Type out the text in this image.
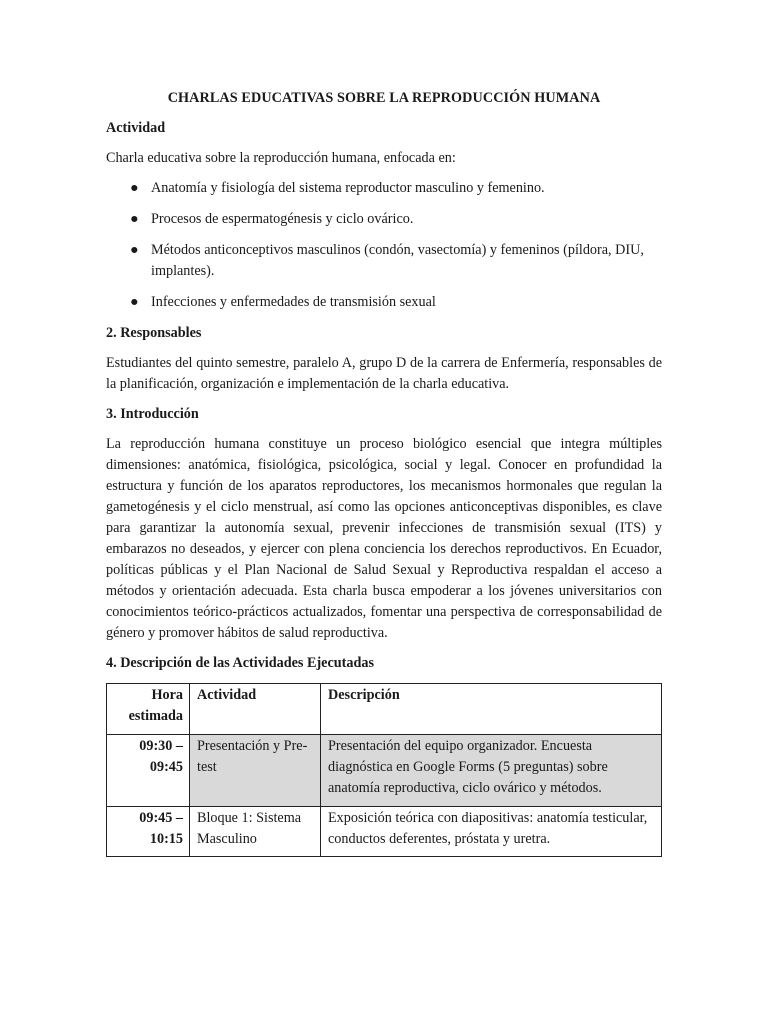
CHARLAS EDUCATIVAS SOBRE LA REPRODUCCIÓN HUMANA
Actividad
Charla educativa sobre la reproducción humana, enfocada en:
● Anatomía y fisiología del sistema reproductor masculino y femenino.
● Procesos de espermatogénesis y ciclo ovárico.
● Métodos anticonceptivos masculinos (condón, vasectomía) y femeninos (píldora, DIU, implantes).
● Infecciones y enfermedades de transmisión sexual
2. Responsables
Estudiantes del quinto semestre, paralelo A, grupo D de la carrera de Enfermería, responsables de la planificación, organización e implementación de la charla educativa.
3. Introducción
La reproducción humana constituye un proceso biológico esencial que integra múltiples dimensiones: anatómica, fisiológica, psicológica, social y legal. Conocer en profundidad la estructura y función de los aparatos reproductores, los mecanismos hormonales que regulan la gametogénesis y el ciclo menstrual, así como las opciones anticonceptivas disponibles, es clave para garantizar la autonomía sexual, prevenir infecciones de transmisión sexual (ITS) y embarazos no deseados, y ejercer con plena conciencia los derechos reproductivos. En Ecuador, políticas públicas y el Plan Nacional de Salud Sexual y Reproductiva respaldan el acceso a métodos y orientación adecuada. Esta charla busca empoderar a los jóvenes universitarios con conocimientos teórico-prácticos actualizados, fomentar una perspectiva de corresponsabilidad de género y promover hábitos de salud reproductiva.
4. Descripción de las Actividades Ejecutadas
Hora estimada	Actividad	Descripción
09:30 – 09:45	Presentación y Pre-test	Presentación del equipo organizador. Encuesta diagnóstica en Google Forms (5 preguntas) sobre anatomía reproductiva, ciclo ovárico y métodos.
09:45 – 10:15	Bloque 1: Sistema Masculino	Exposición teórica con diapositivas: anatomía testicular, conductos deferentes, próstata y uretra.
